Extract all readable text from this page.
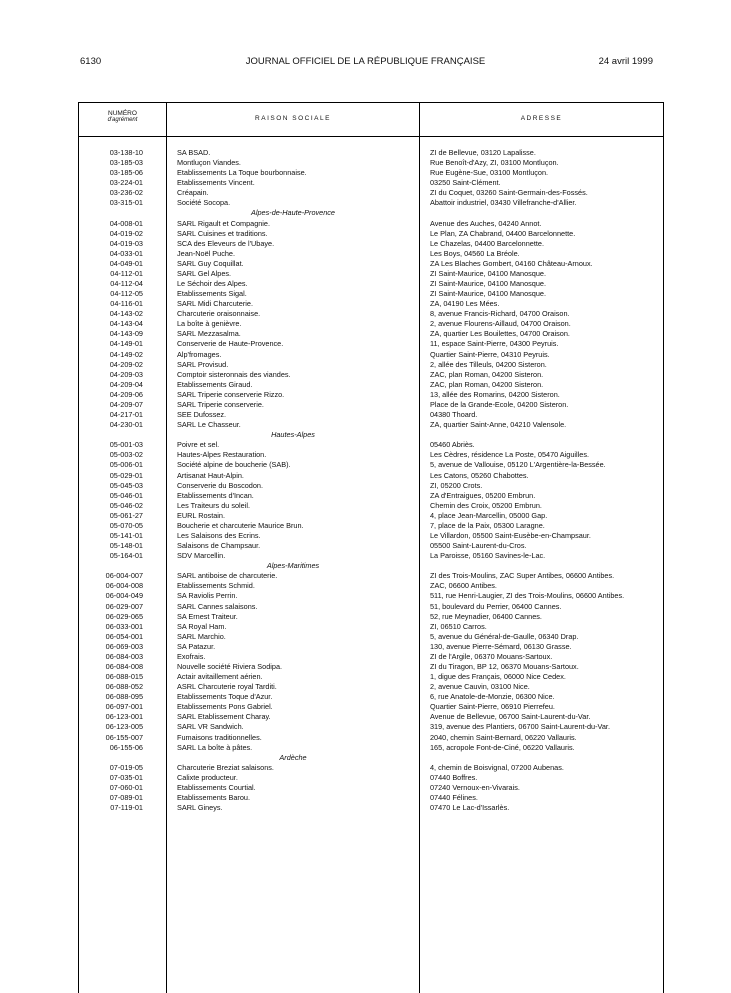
6130	JOURNAL OFFICIEL DE LA RÉPUBLIQUE FRANÇAISE	24 avril 1999
NUMÉRO
d'agrément	RAISON SOCIALE	ADRESSE
03-138-10	SA BSAD.	ZI de Bellevue, 03120 Lapalisse.
03-185-03	Montluçon Viandes.	Rue Benoît-d'Azy, ZI, 03100 Montluçon.
03-185-06	Etablissements La Toque bourbonnaise.	Rue Eugène-Sue, 03100 Montluçon.
03-224-01	Etablissements Vincent.	03250 Saint-Clément.
03-236-02	Créapain.	ZI du Coquet, 03260 Saint-Germain-des-Fossés.
03-315-01	Société Socopa.	Abattoir industriel, 03430 Villefranche-d'Allier.
Alpes-de-Haute-Provence
04-008-01	SARL Rigault et Compagnie.	Avenue des Auches, 04240 Annot.
04-019-02	SARL Cuisines et traditions.	Le Plan, ZA Chabrand, 04400 Barcelonnette.
04-019-03	SCA des Eleveurs de l'Ubaye.	Le Chazelas, 04400 Barcelonnette.
04-033-01	Jean-Noël Puche.	Les Boys, 04560 La Bréole.
04-049-01	SARL Guy Coquillat.	ZA Les Blaches Gombert, 04160 Château-Arnoux.
04-112-01	SARL Gel Alpes.	ZI Saint-Maurice, 04100 Manosque.
04-112-04	Le Séchoir des Alpes.	ZI Saint-Maurice, 04100 Manosque.
04-112-05	Etablissements Sigal.	ZI Saint-Maurice, 04100 Manosque.
04-116-01	SARL Midi Charcuterie.	ZA, 04190 Les Mées.
04-143-02	Charcuterie oraisonnaise.	8, avenue Francis-Richard, 04700 Oraison.
04-143-04	La boîte à genièvre.	2, avenue Flourens-Aillaud, 04700 Oraison.
04-143-09	SARL Mezzasalma.	ZA, quartier Les Bouilettes, 04700 Oraison.
04-149-01	Conserverie de Haute-Provence.	11, espace Saint-Pierre, 04300 Peyruis.
04-149-02	Alp'fromages.	Quartier Saint-Pierre, 04310 Peyruis.
04-209-02	SARL Provisud.	2, allée des Tilleuls, 04200 Sisteron.
04-209-03	Comptoir sisteronnais des viandes.	ZAC, plan Roman, 04200 Sisteron.
04-209-04	Etablissements Giraud.	ZAC, plan Roman, 04200 Sisteron.
04-209-06	SARL Triperie conserverie Rizzo.	13, allée des Romarins, 04200 Sisteron.
04-209-07	SARL Triperie conserverie.	Place de la Grande-Ecole, 04200 Sisteron.
04-217-01	SEE Dufossez.	04380 Thoard.
04-230-01	SARL Le Chasseur.	ZA, quartier Saint-Anne, 04210 Valensole.
Hautes-Alpes
05-001-03	Poivre et sel.	05460 Abriès.
05-003-02	Hautes-Alpes Restauration.	Les Cèdres, résidence La Poste, 05470 Aiguilles.
05-006-01	Société alpine de boucherie (SAB).	5, avenue de Vallouise, 05120 L'Argentière-la-Bessée.
05-029-01	Artisanat Haut-Alpin.	Les Catons, 05260 Chabottes.
05-045-03	Conserverie du Boscodon.	ZI, 05200 Crots.
05-046-01	Etablissements d'Incan.	ZA d'Entraigues, 05200 Embrun.
05-046-02	Les Traiteurs du soleil.	Chemin des Croix, 05200 Embrun.
05-061-27	EURL Rostain.	4, place Jean-Marcellin, 05000 Gap.
05-070-05	Boucherie et charcuterie Maurice Brun.	7, place de la Paix, 05300 Laragne.
05-141-01	Les Salaisons des Ecrins.	Le Villardon, 05500 Saint-Eusèbe-en-Champsaur.
05-148-01	Salaisons de Champsaur.	05500 Saint-Laurent-du-Cros.
05-164-01	SDV Marcellin.	La Paroisse, 05160 Savines-le-Lac.
Alpes-Maritimes
06-004-007	SARL antiboise de charcuterie.	ZI des Trois-Moulins, ZAC Super Antibes, 06600 Antibes.
06-004-008	Etablissements Schmid.	ZAC, 06600 Antibes.
06-004-049	SA Raviolis Perrin.	511, rue Henri-Laugier, ZI des Trois-Moulins, 06600 Antibes.
06-029-007	SARL Cannes salaisons.	51, boulevard du Perrier, 06400 Cannes.
06-029-065	SA Ernest Traiteur.	52, rue Meynadier, 06400 Cannes.
06-033-001	SA Royal Ham.	ZI, 06510 Carros.
06-054-001	SARL Marchio.	5, avenue du Général-de-Gaulle, 06340 Drap.
06-069-003	SA Patazur.	130, avenue Pierre-Sémard, 06130 Grasse.
06-084-003	Exofrais.	ZI de l'Argile, 06370 Mouans-Sartoux.
06-084-008	Nouvelle société Riviera Sodipa.	ZI du Tiragon, BP 12, 06370 Mouans-Sartoux.
06-088-015	Actair avitaillement aérien.	1, digue des Français, 06000 Nice Cedex.
06-088-052	ASRL Charcuterie royal Tarditi.	2, avenue Cauvin, 03100 Nice.
06-088-095	Etablissements Toque d'Azur.	6, rue Anatole-de-Monzie, 06300 Nice.
06-097-001	Etablissements Pons Gabriel.	Quartier Saint-Pierre, 06910 Pierrefeu.
06-123-001	SARL Etablissement Charay.	Avenue de Bellevue, 06700 Saint-Laurent-du-Var.
06-123-005	SARL VR Sandwich.	319, avenue des Plantiers, 06700 Saint-Laurent-du-Var.
06-155-007	Fumaisons traditionnelles.	2040, chemin Saint-Bernard, 06220 Vallauris.
06-155-06	SARL La boîte à pâtes.	165, acropole Font-de-Ciné, 06220 Vallauris.
Ardèche
07-019-05	Charcuterie Breziat salaisons.	4, chemin de Boisvignal, 07200 Aubenas.
07-035-01	Calixte producteur.	07440 Boffres.
07-060-01	Etablissements Courtial.	07240 Vernoux-en-Vivarais.
07-089-01	Etablissements Barou.	07440 Félines.
07-119-01	SARL Gineys.	07470 Le Lac-d'Issarlès.
